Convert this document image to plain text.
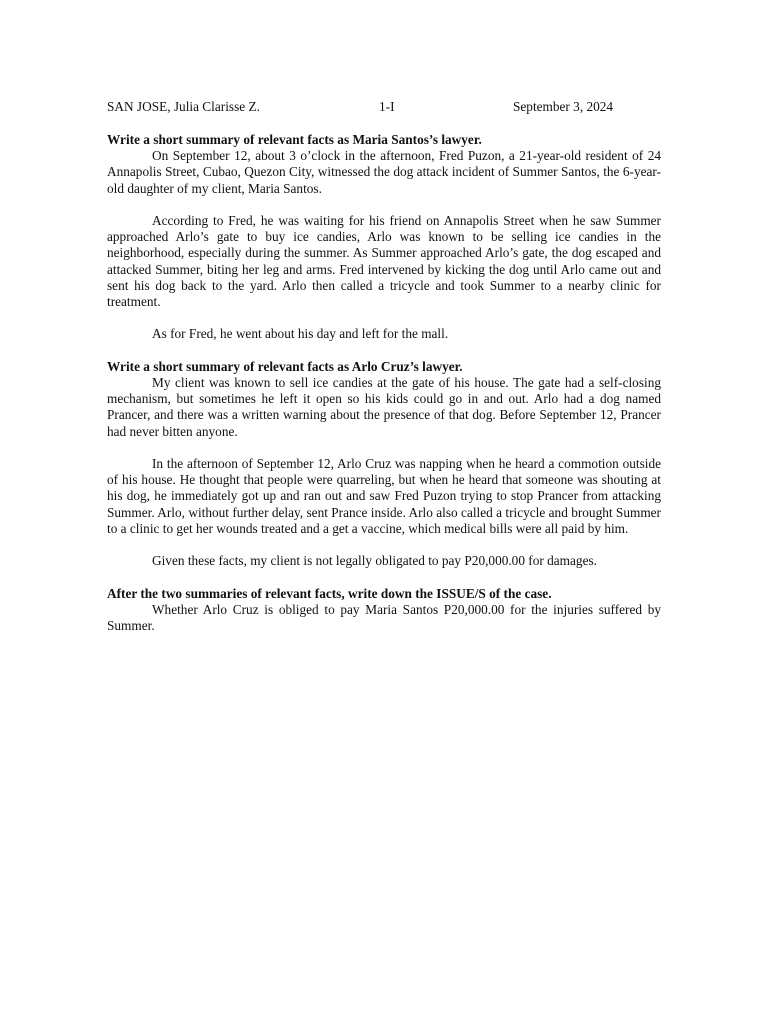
SAN JOSE, Julia Clarisse Z.	1-I	September 3, 2024

Write a short summary of relevant facts as Maria Santos’s lawyer.

On September 12, about 3 o’clock in the afternoon, Fred Puzon, a 21-year-old resident of 24 Annapolis Street, Cubao, Quezon City, witnessed the dog attack incident of Summer Santos, the 6-year-old daughter of my client, Maria Santos.

According to Fred, he was waiting for his friend on Annapolis Street when he saw Summer approached Arlo’s gate to buy ice candies, Arlo was known to be selling ice candies in the neighborhood, especially during the summer. As Summer approached Arlo’s gate, the dog escaped and attacked Summer, biting her leg and arms. Fred intervened by kicking the dog until Arlo came out and sent his dog back to the yard. Arlo then called a tricycle and took Summer to a nearby clinic for treatment.

As for Fred, he went about his day and left for the mall.

Write a short summary of relevant facts as Arlo Cruz’s lawyer.

My client was known to sell ice candies at the gate of his house. The gate had a self-closing mechanism, but sometimes he left it open so his kids could go in and out. Arlo had a dog named Prancer, and there was a written warning about the presence of that dog. Before September 12, Prancer had never bitten anyone.

In the afternoon of September 12, Arlo Cruz was napping when he heard a commotion outside of his house. He thought that people were quarreling, but when he heard that someone was shouting at his dog, he immediately got up and ran out and saw Fred Puzon trying to stop Prancer from attacking Summer. Arlo, without further delay, sent Prance inside. Arlo also called a tricycle and brought Summer to a clinic to get her wounds treated and a get a vaccine, which medical bills were all paid by him.

Given these facts, my client is not legally obligated to pay P20,000.00 for damages.

After the two summaries of relevant facts, write down the ISSUE/S of the case.

Whether Arlo Cruz is obliged to pay Maria Santos P20,000.00 for the injuries suffered by Summer.
